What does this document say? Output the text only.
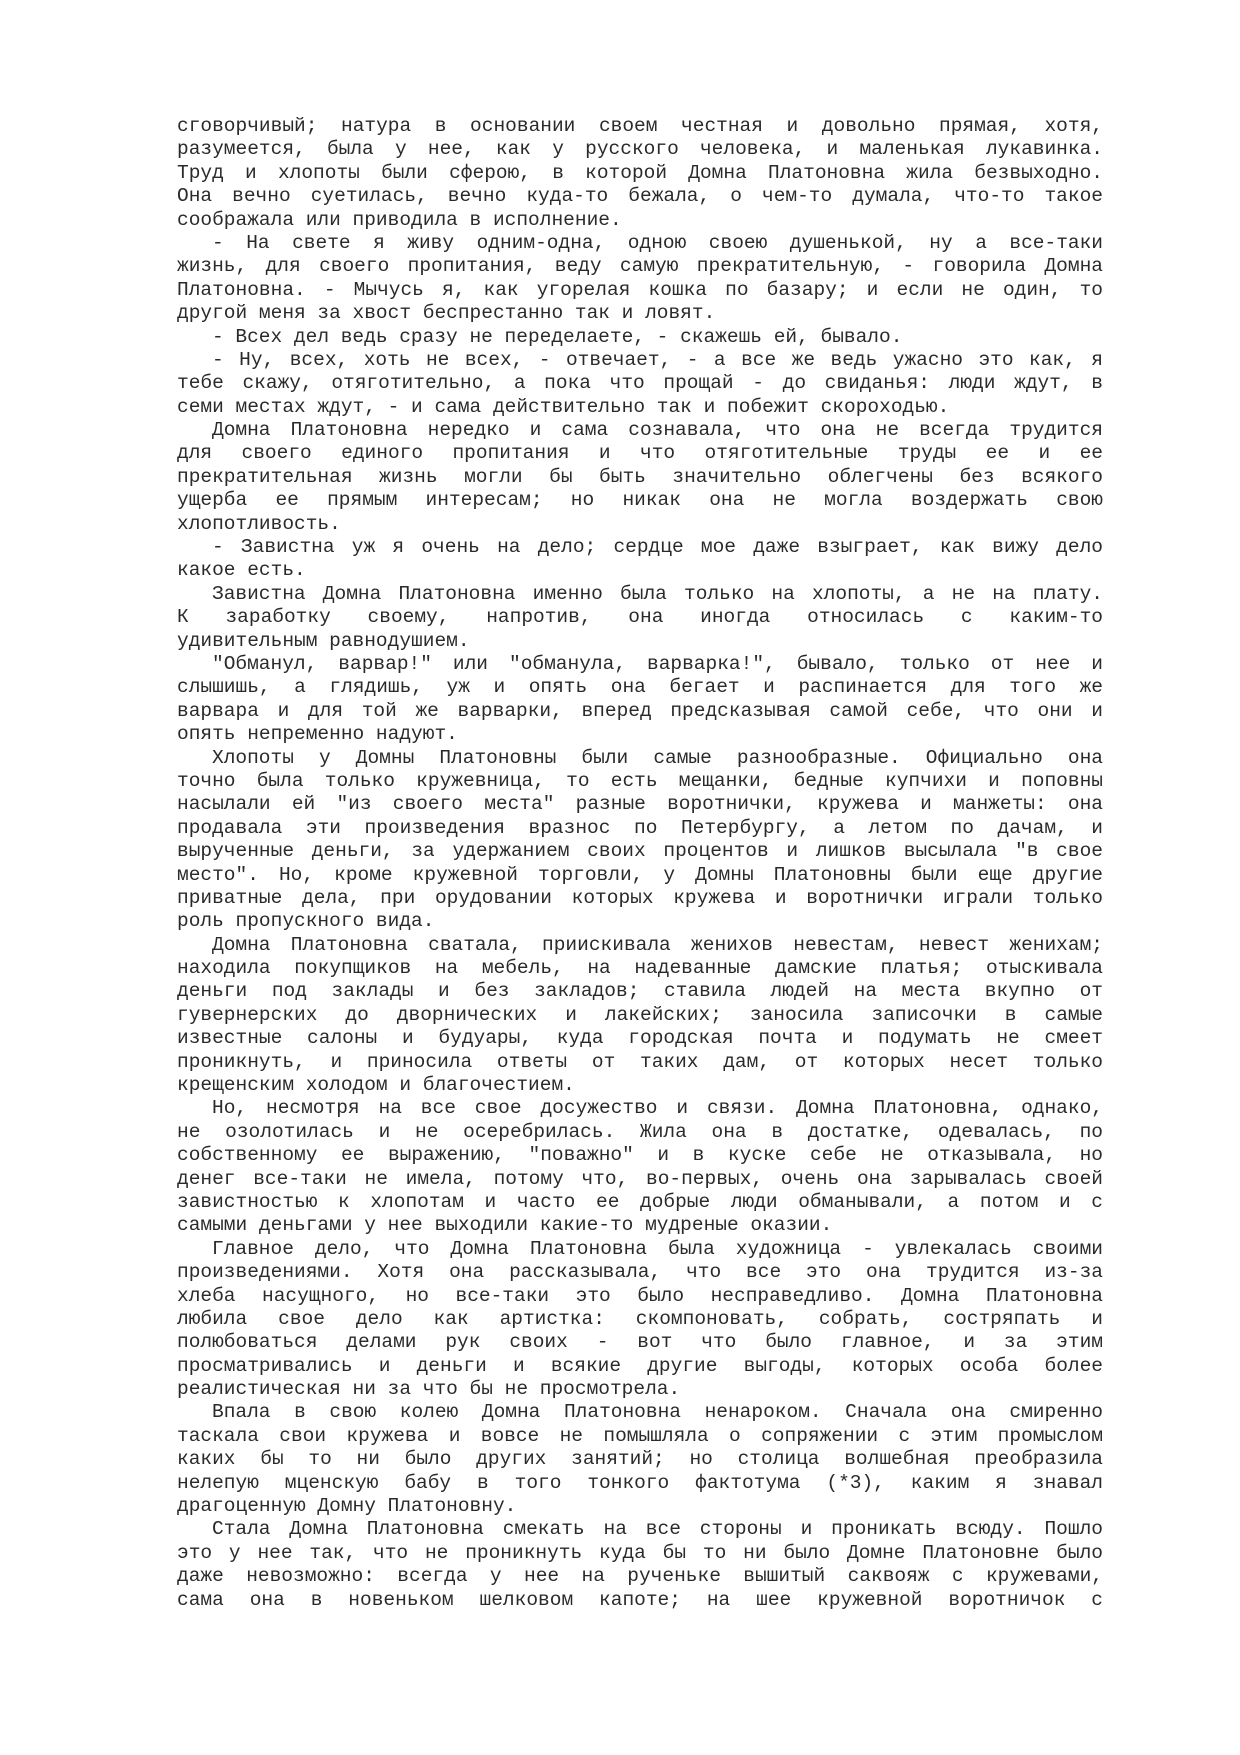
сговорчивый; натура в основании своем честная и довольно прямая, хотя,
разумеется, была у нее, как у русского человека, и маленькая лукавинка.
Труд и хлопоты были сферою, в которой Домна Платоновна жила безвыходно.
Она вечно суетилась, вечно куда-то бежала, о чем-то думала, что-то такое
соображала или приводила в исполнение.
- На свете я живу одним-одна, одною своею душенькой, ну а все-таки
жизнь, для своего пропитания, веду самую прекратительную, - говорила Домна
Платоновна. - Мычусь я, как угорелая кошка по базару; и если не один, то
другой меня за хвост беспрестанно так и ловят.
- Всех дел ведь сразу не переделаете, - скажешь ей, бывало.
- Ну, всех, хоть не всех, - отвечает, - а все же ведь ужасно это как, я
тебе скажу, отяготительно, а пока что прощай - до свиданья: люди ждут, в
семи местах ждут, - и сама действительно так и побежит скороходью.
Домна Платоновна нередко и сама сознавала, что она не всегда трудится
для своего единого пропитания и что отяготительные труды ее и ее
прекратительная жизнь могли бы быть значительно облегчены без всякого
ущерба ее прямым интересам; но никак она не могла воздержать свою
хлопотливость.
- Завистна уж я очень на дело; сердце мое даже взыграет, как вижу дело
какое есть.
Завистна Домна Платоновна именно была только на хлопоты, а не на плату.
К заработку своему, напротив, она иногда относилась с каким-то
удивительным равнодушием.
"Обманул, варвар!" или "обманула, варварка!", бывало, только от нее и
слышишь, а глядишь, уж и опять она бегает и распинается для того же
варвара и для той же варварки, вперед предсказывая самой себе, что они и
опять непременно надуют.
Хлопоты у Домны Платоновны были самые разнообразные. Официально она
точно была только кружевница, то есть мещанки, бедные купчихи и поповны
насылали ей "из своего места" разные воротнички, кружева и манжеты: она
продавала эти произведения вразнос по Петербургу, а летом по дачам, и
вырученные деньги, за удержанием своих процентов и лишков высылала "в свое
место". Но, кроме кружевной торговли, у Домны Платоновны были еще другие
приватные дела, при орудовании которых кружева и воротнички играли только
роль пропускного вида.
Домна Платоновна сватала, приискивала женихов невестам, невест женихам;
находила покупщиков на мебель, на надеванные дамские платья; отыскивала
деньги под заклады и без закладов; ставила людей на места вкупно от
гувернерских до дворнических и лакейских; заносила записочки в самые
известные салоны и будуары, куда городская почта и подумать не смеет
проникнуть, и приносила ответы от таких дам, от которых несет только
крещенским холодом и благочестием.
Но, несмотря на все свое досужество и связи. Домна Платоновна, однако,
не озолотилась и не осеребрилась. Жила она в достатке, одевалась, по
собственному ее выражению, "поважно" и в куске себе не отказывала, но
денег все-таки не имела, потому что, во-первых, очень она зарывалась своей
завистностью к хлопотам и часто ее добрые люди обманывали, а потом и с
самыми деньгами у нее выходили какие-то мудреные оказии.
Главное дело, что Домна Платоновна была художница - увлекалась своими
произведениями. Хотя она рассказывала, что все это она трудится из-за
хлеба насущного, но все-таки это было несправедливо. Домна Платоновна
любила свое дело как артистка: скомпоновать, собрать, состряпать и
полюбоваться делами рук своих - вот что было главное, и за этим
просматривались и деньги и всякие другие выгоды, которых особа более
реалистическая ни за что бы не просмотрела.
Впала в свою колею Домна Платоновна ненароком. Сначала она смиренно
таскала свои кружева и вовсе не помышляла о сопряжении с этим промыслом
каких бы то ни было других занятий; но столица волшебная преобразила
нелепую мценскую бабу в того тонкого фактотума (*3), каким я знавал
драгоценную Домну Платоновну.
Стала Домна Платоновна смекать на все стороны и проникать всюду. Пошло
это у нее так, что не проникнуть куда бы то ни было Домне Платоновне было
даже невозможно: всегда у нее на рученьке вышитый саквояж с кружевами,
сама она в новеньком шелковом капоте; на шее кружевной воротничок с
